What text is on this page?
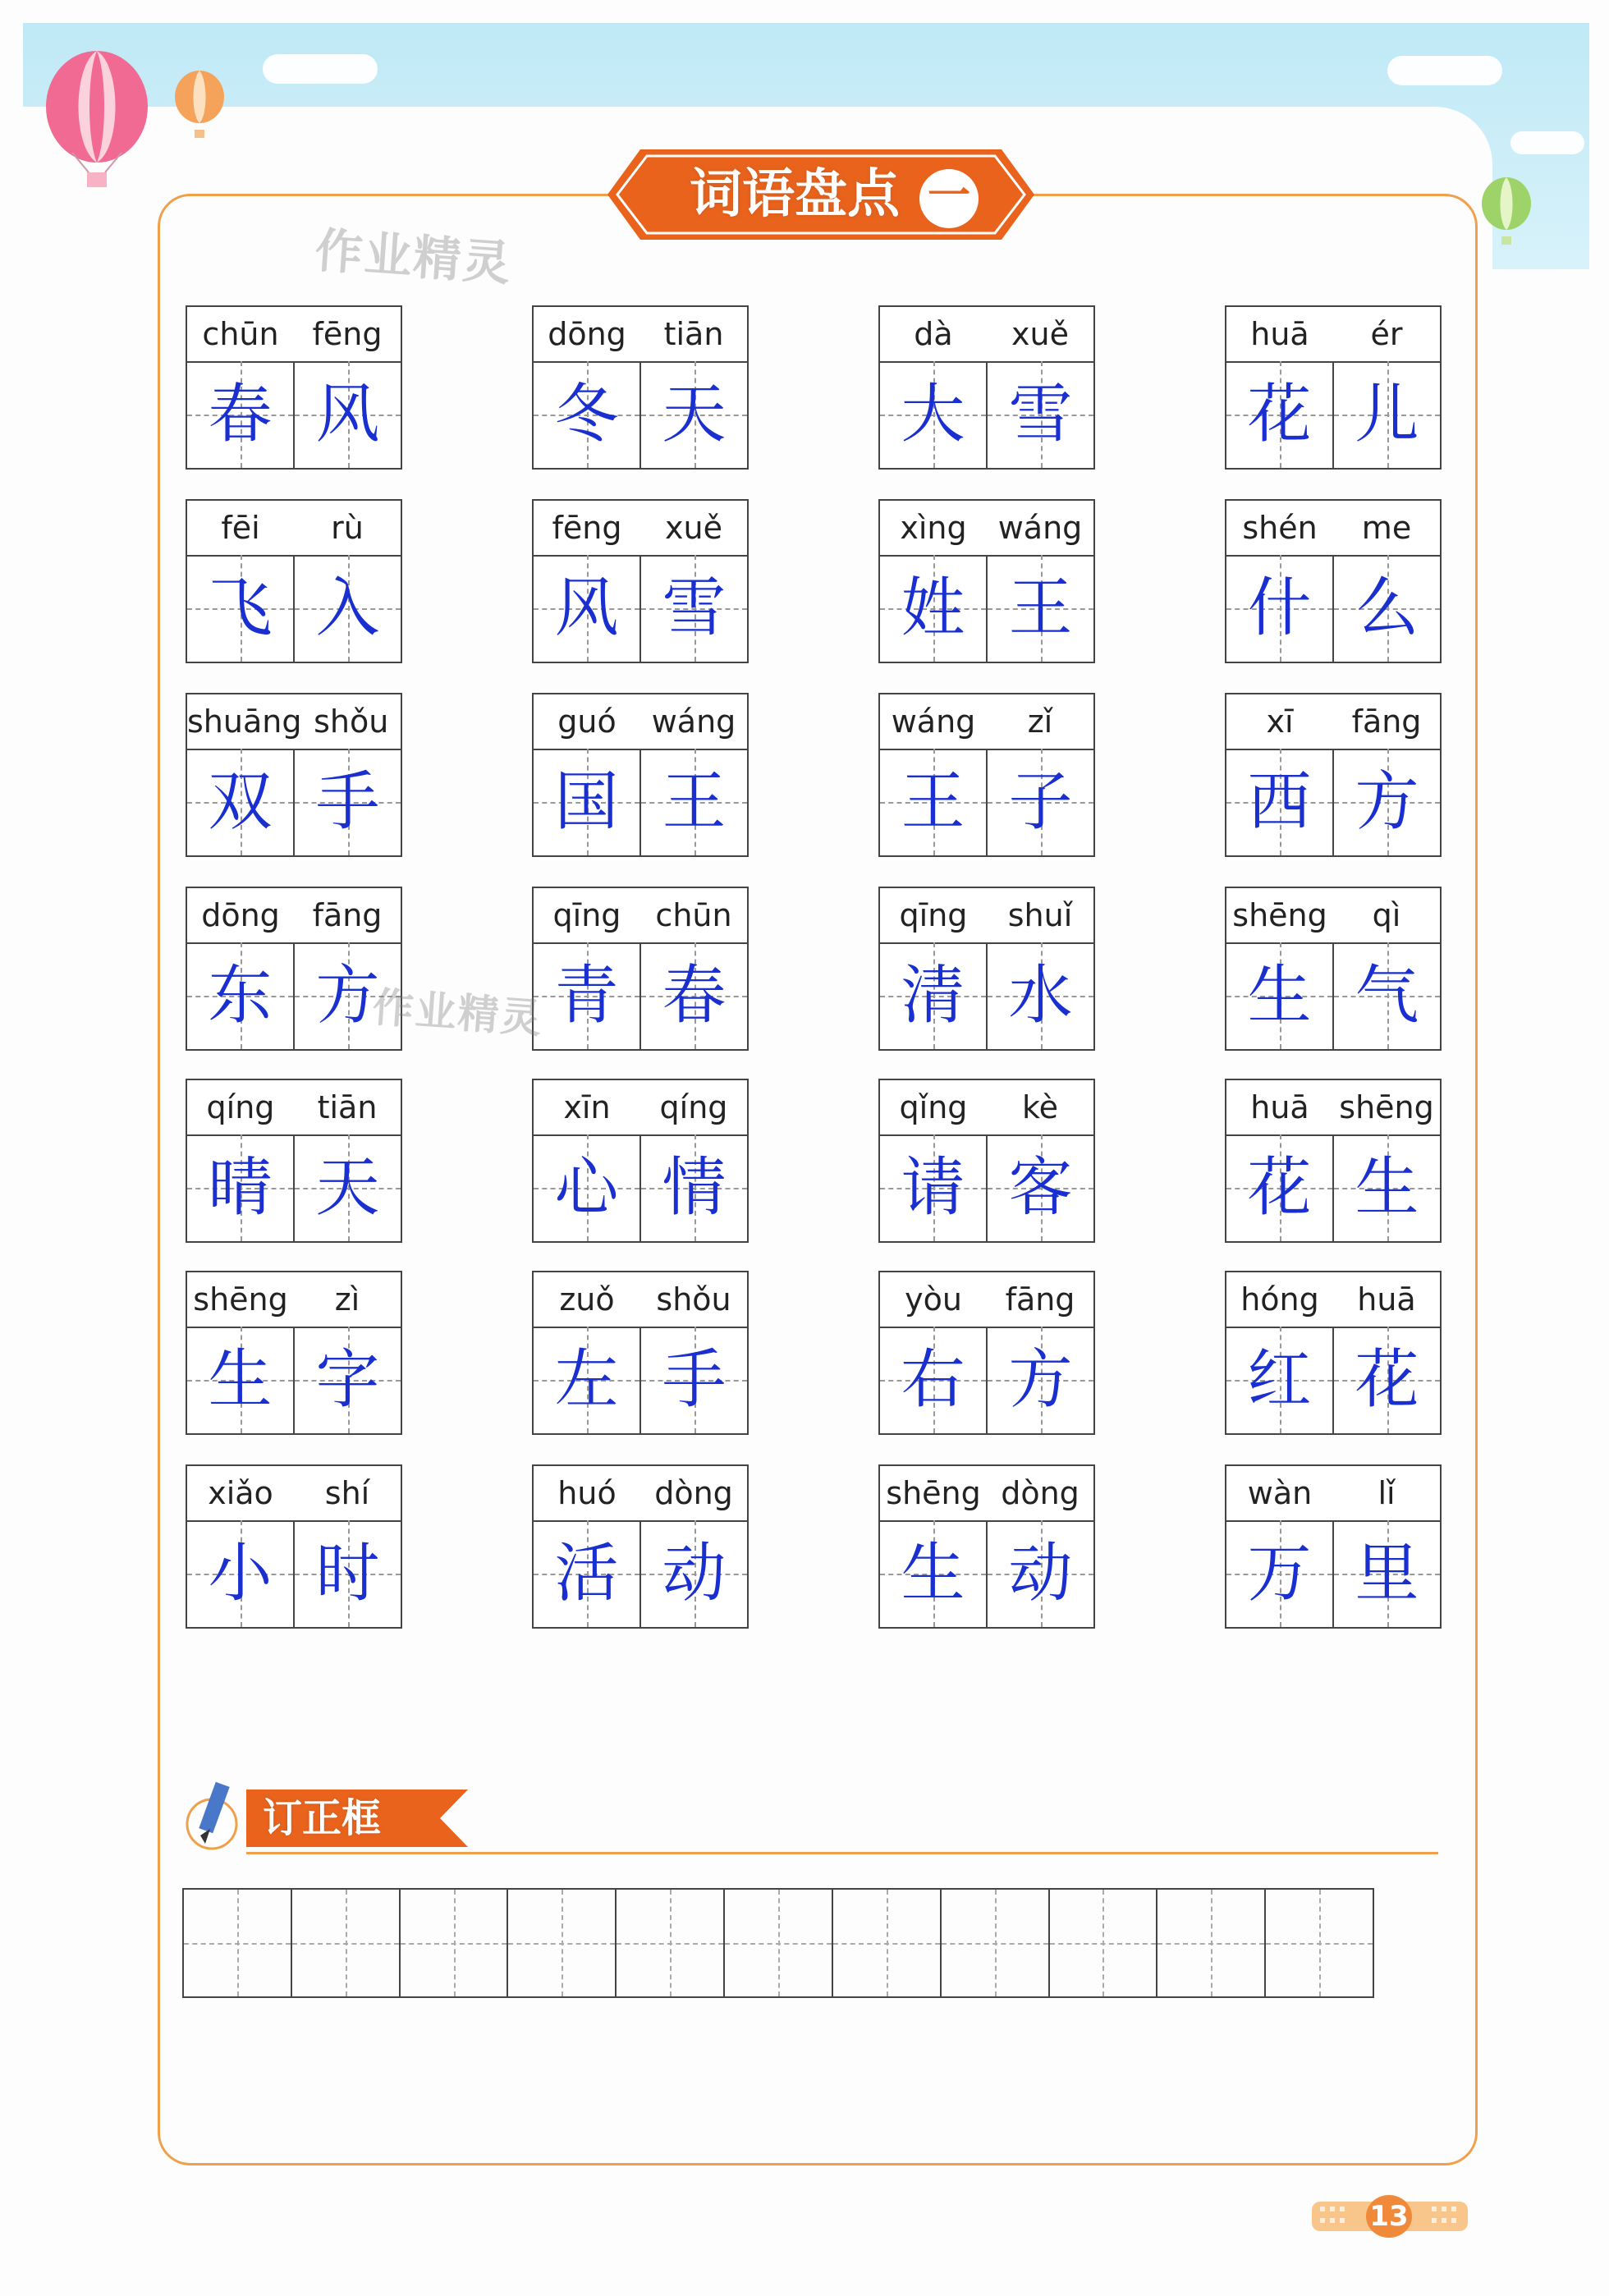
词语盘点 一
作业精灵
作业精灵
chūn	fēng
春 风
dōng	tiān
冬 天
dà	xuě
大 雪
huā	ér
花 儿
fēi	rù
飞 入
fēng	xuě
风 雪
xìng	wáng
姓 王
shén	me
什 么
shuāng shǒu
双 手
guó	wáng
国 王
wáng	zǐ
王 子
xī	fāng
西 方
dōng	fāng
东 方
qīng	chūn
青 春
qīng	shuǐ
清 水
shēng	qì
生 气
qíng	tiān
晴 天
xīn	qíng
心 情
qǐng	kè
请 客
huā shēng
花 生
shēng	zì
生 字
zuǒ	shǒu
左 手
yòu	fāng
右 方
hóng	huā
红 花
xiǎo	shí
小 时
huó	dòng
活 动
shēng dòng
生 动
wàn	lǐ
万 里
订正框
13
